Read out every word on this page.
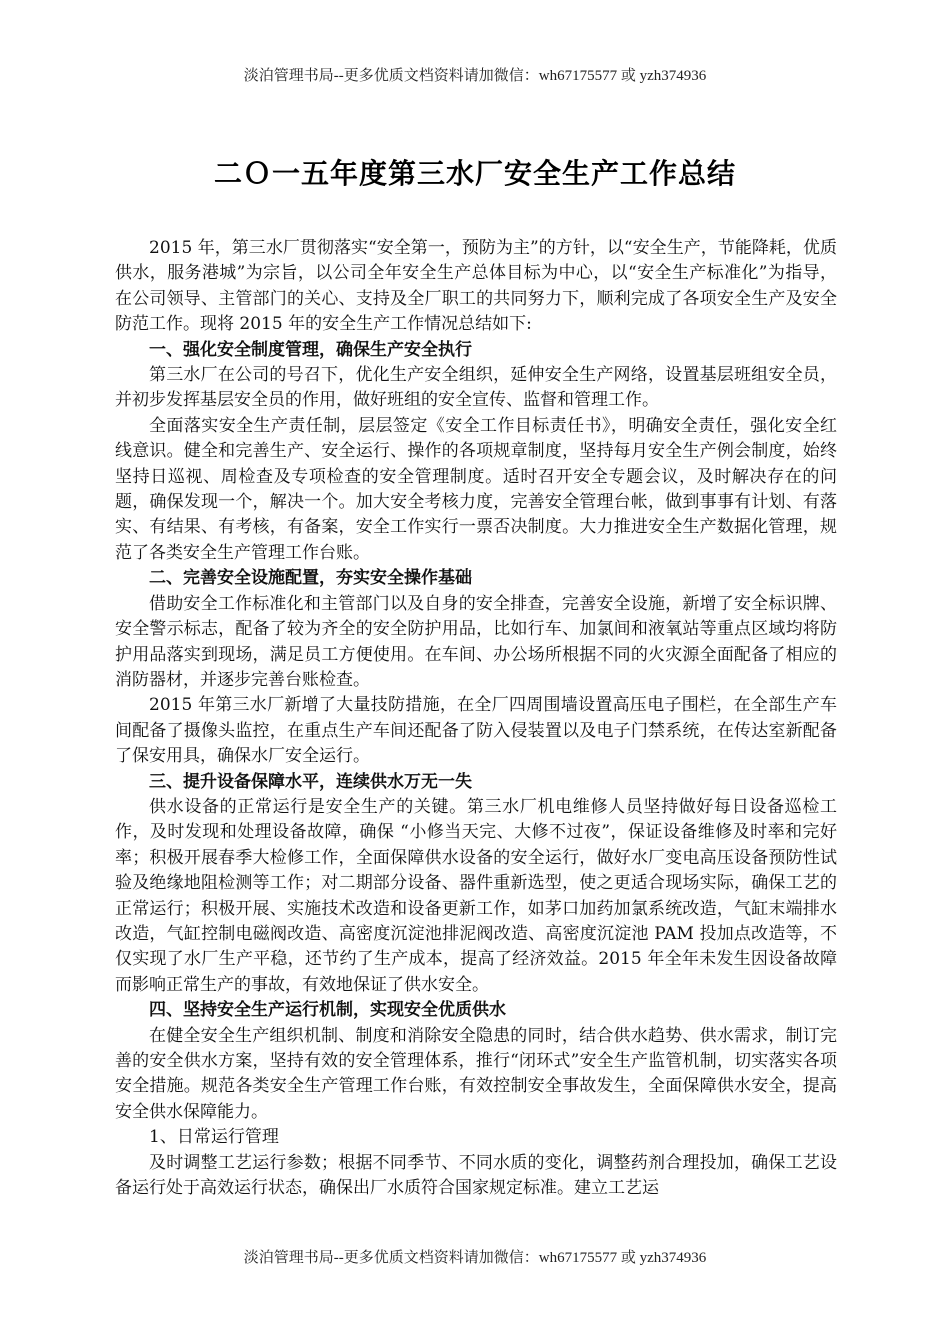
淡泊管理书局--更多优质文档资料请加微信：wh67175577 或 yzh374936
二Ｏ一五年度第三水厂安全生产工作总结

2015 年，第三水厂贯彻落实“安全第一，预防为主”的方针，以“安全生产，节能降耗，优质供水，服务港城”为宗旨，以公司全年安全生产总体目标为中心，以“安全生产标准化”为指导，在公司领导、主管部门的关心、支持及全厂职工的共同努力下，顺利完成了各项安全生产及安全防范工作。现将 2015 年的安全生产工作情况总结如下:

一、强化安全制度管理，确保生产安全执行

第三水厂在公司的号召下，优化生产安全组织，延伸安全生产网络，设置基层班组安全员，并初步发挥基层安全员的作用，做好班组的安全宣传、监督和管理工作。

全面落实安全生产责任制，层层签定《安全工作目标责任书》，明确安全责任，强化安全红线意识。健全和完善生产、安全运行、操作的各项规章制度，坚持每月安全生产例会制度，始终坚持日巡视、周检查及专项检查的安全管理制度。适时召开安全专题会议，及时解决存在的问题，确保发现一个，解决一个。加大安全考核力度，完善安全管理台帐，做到事事有计划、有落实、有结果、有考核，有备案，安全工作实行一票否决制度。大力推进安全生产数据化管理，规范了各类安全生产管理工作台账。

二、完善安全设施配置，夯实安全操作基础

借助安全工作标准化和主管部门以及自身的安全排查，完善安全设施，新增了安全标识牌、安全警示标志，配备了较为齐全的安全防护用品，比如行车、加氯间和液氧站等重点区域均将防护用品落实到现场，满足员工方便使用。在车间、办公场所根据不同的火灾源全面配备了相应的消防器材，并逐步完善台账检查。

2015 年第三水厂新增了大量技防措施，在全厂四周围墙设置高压电子围栏，在全部生产车间配备了摄像头监控，在重点生产车间还配备了防入侵装置以及电子门禁系统，在传达室新配备了保安用具，确保水厂安全运行。

三、提升设备保障水平，连续供水万无一失

供水设备的正常运行是安全生产的关键。第三水厂机电维修人员坚持做好每日设备巡检工作，及时发现和处理设备故障，确保 “小修当天完、大修不过夜”，保证设备维修及时率和完好率；积极开展春季大检修工作，全面保障供水设备的安全运行，做好水厂变电高压设备预防性试验及绝缘地阻检测等工作；对二期部分设备、器件重新选型，使之更适合现场实际，确保工艺的正常运行；积极开展、实施技术改造和设备更新工作，如茅口加药加氯系统改造，气缸末端排水改造，气缸控制电磁阀改造、高密度沉淀池排泥阀改造、高密度沉淀池 PAM 投加点改造等，不仅实现了水厂生产平稳，还节约了生产成本，提高了经济效益。2015 年全年未发生因设备故障而影响正常生产的事故，有效地保证了供水安全。

四、坚持安全生产运行机制，实现安全优质供水

在健全安全生产组织机制、制度和消除安全隐患的同时，结合供水趋势、供水需求，制订完善的安全供水方案，坚持有效的安全管理体系，推行“闭环式”安全生产监管机制，切实落实各项安全措施。规范各类安全生产管理工作台账，有效控制安全事故发生，全面保障供水安全，提高安全供水保障能力。

1、日常运行管理

及时调整工艺运行参数；根据不同季节、不同水质的变化，调整药剂合理投加，确保工艺设备运行处于高效运行状态，确保出厂水质符合国家规定标准。建立工艺运

淡泊管理书局--更多优质文档资料请加微信：wh67175577 或 yzh374936
